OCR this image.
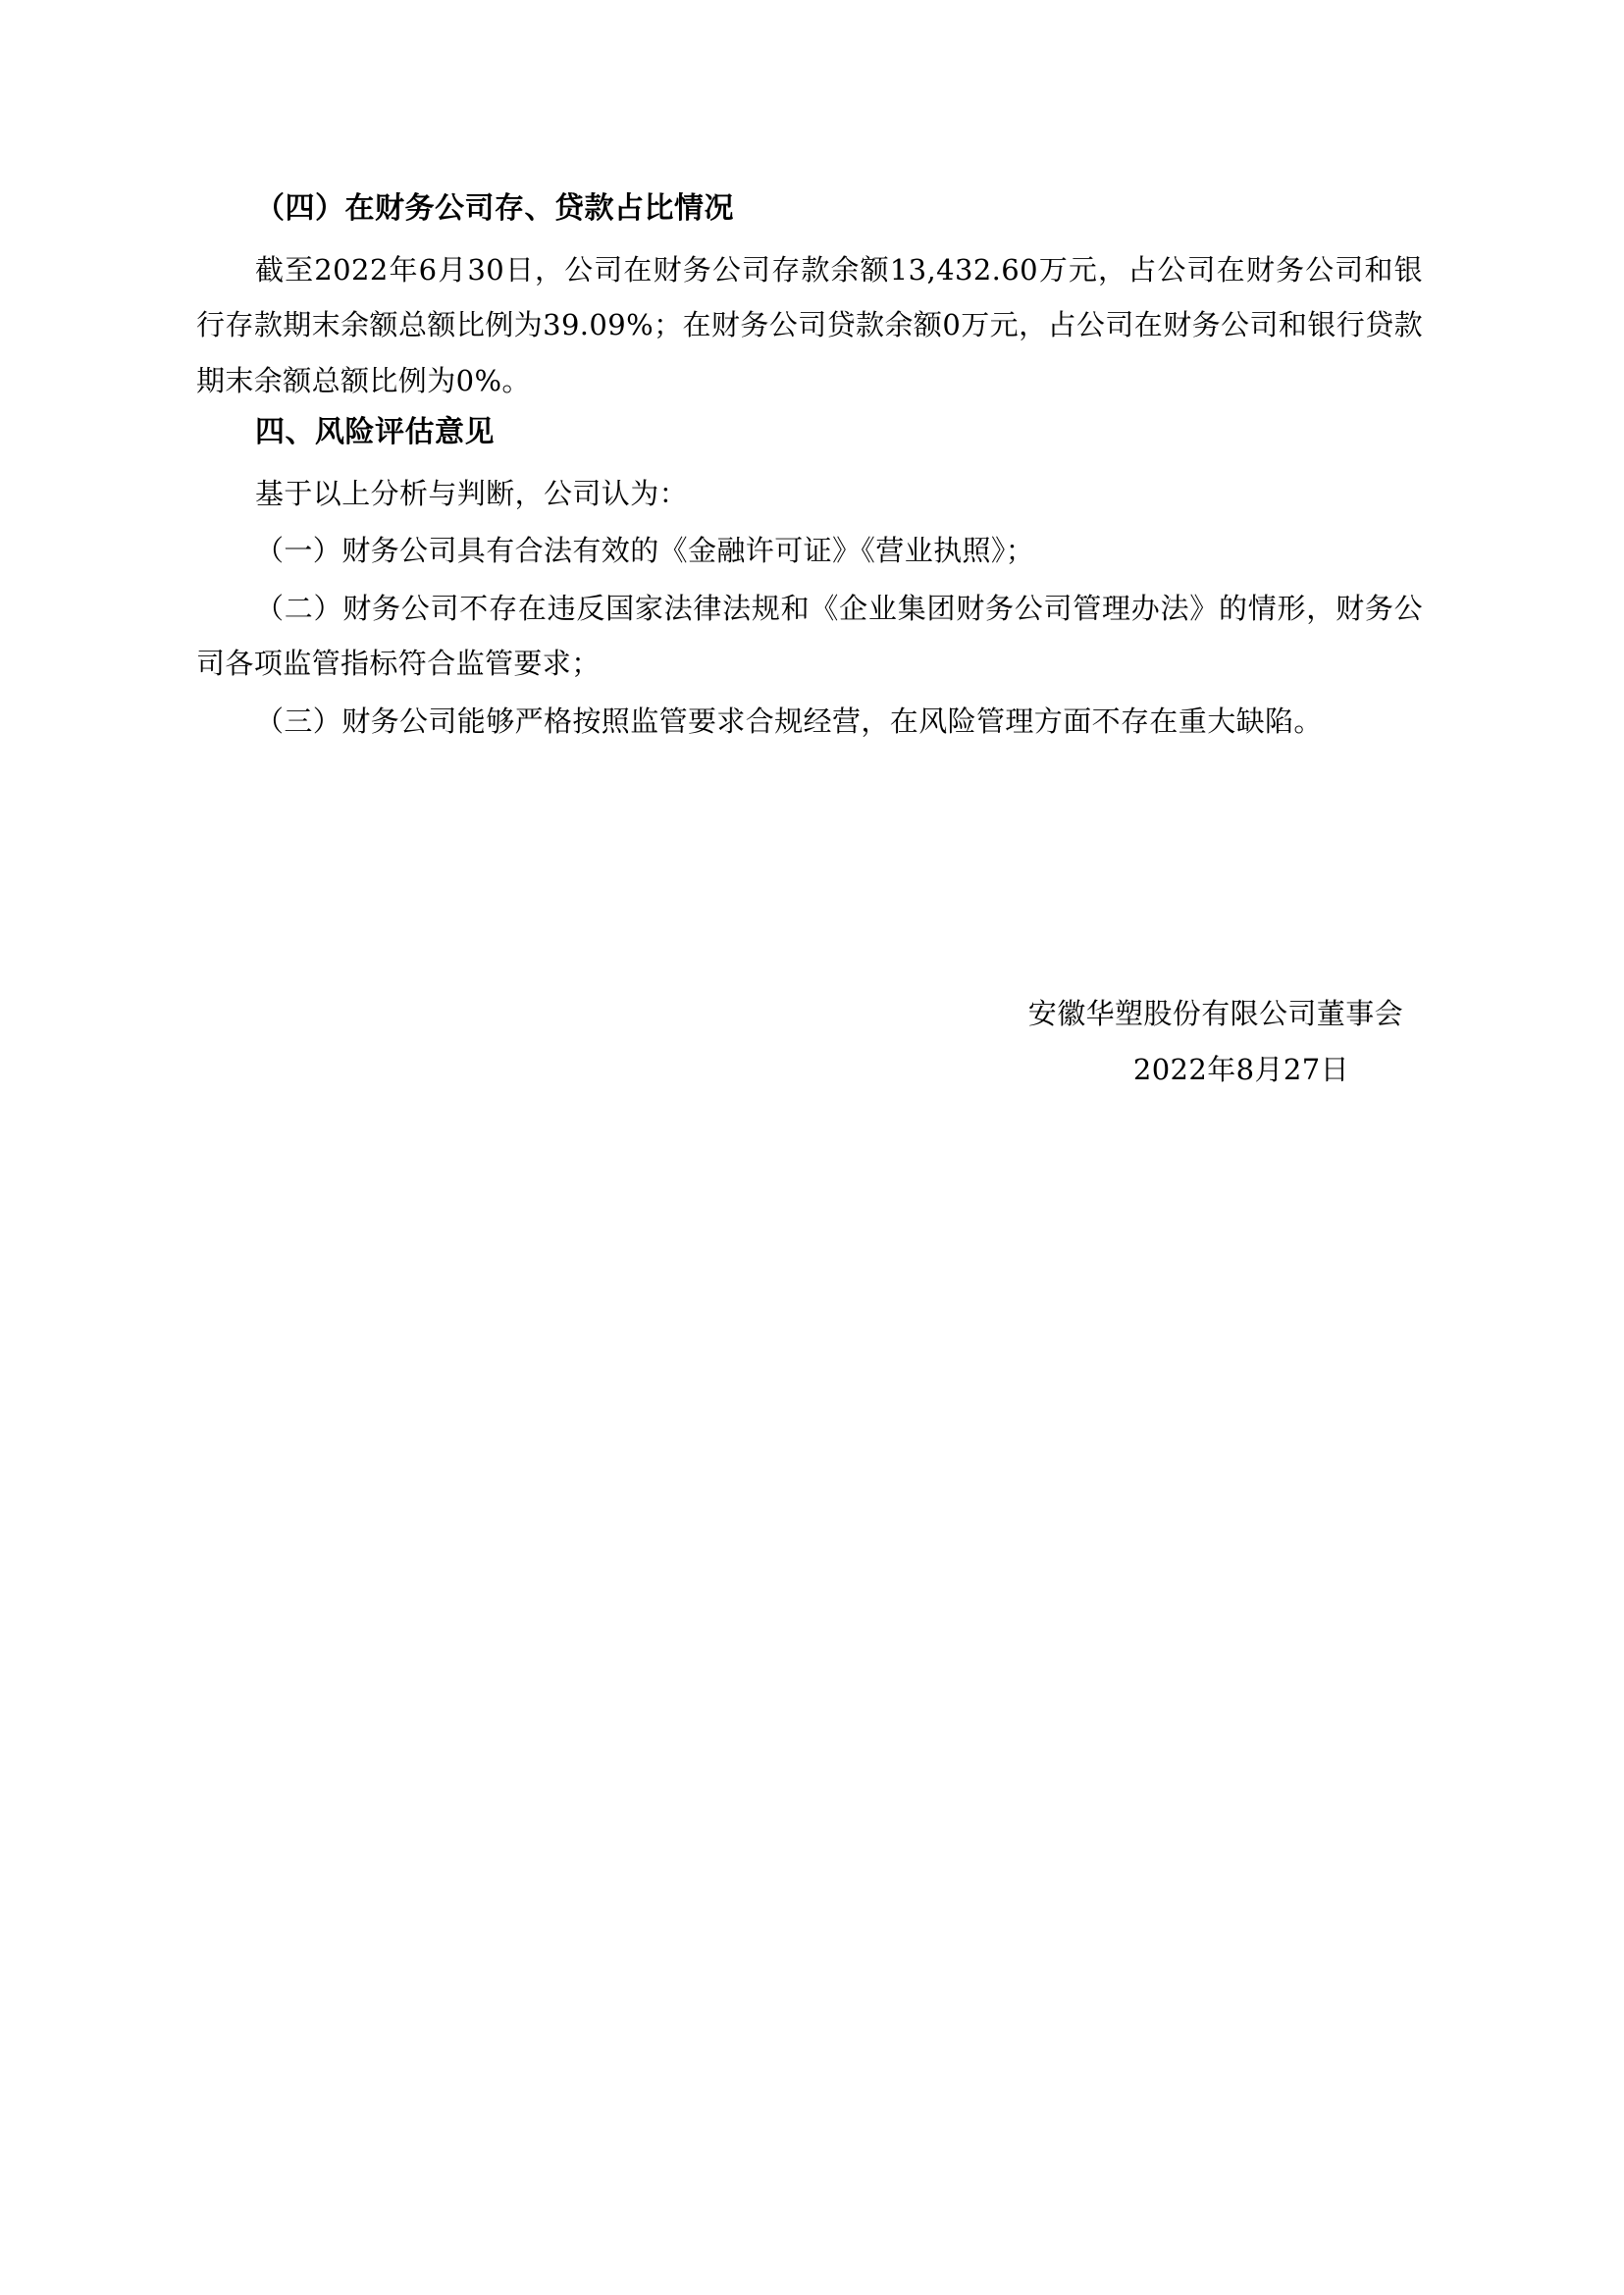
（四）在财务公司存、贷款占比情况

截至2022年6月30日，公司在财务公司存款余额13,432.60万元，占公司在财务公司和银行存款期末余额总额比例为39.09%；在财务公司贷款余额0万元，占公司在财务公司和银行贷款期末余额总额比例为0%。

四、风险评估意见

基于以上分析与判断，公司认为：

（一）财务公司具有合法有效的《金融许可证》《营业执照》；

（二）财务公司不存在违反国家法律法规和《企业集团财务公司管理办法》的情形，财务公司各项监管指标符合监管要求；

（三）财务公司能够严格按照监管要求合规经营，在风险管理方面不存在重大缺陷。

安徽华塑股份有限公司董事会

2022年8月27日
